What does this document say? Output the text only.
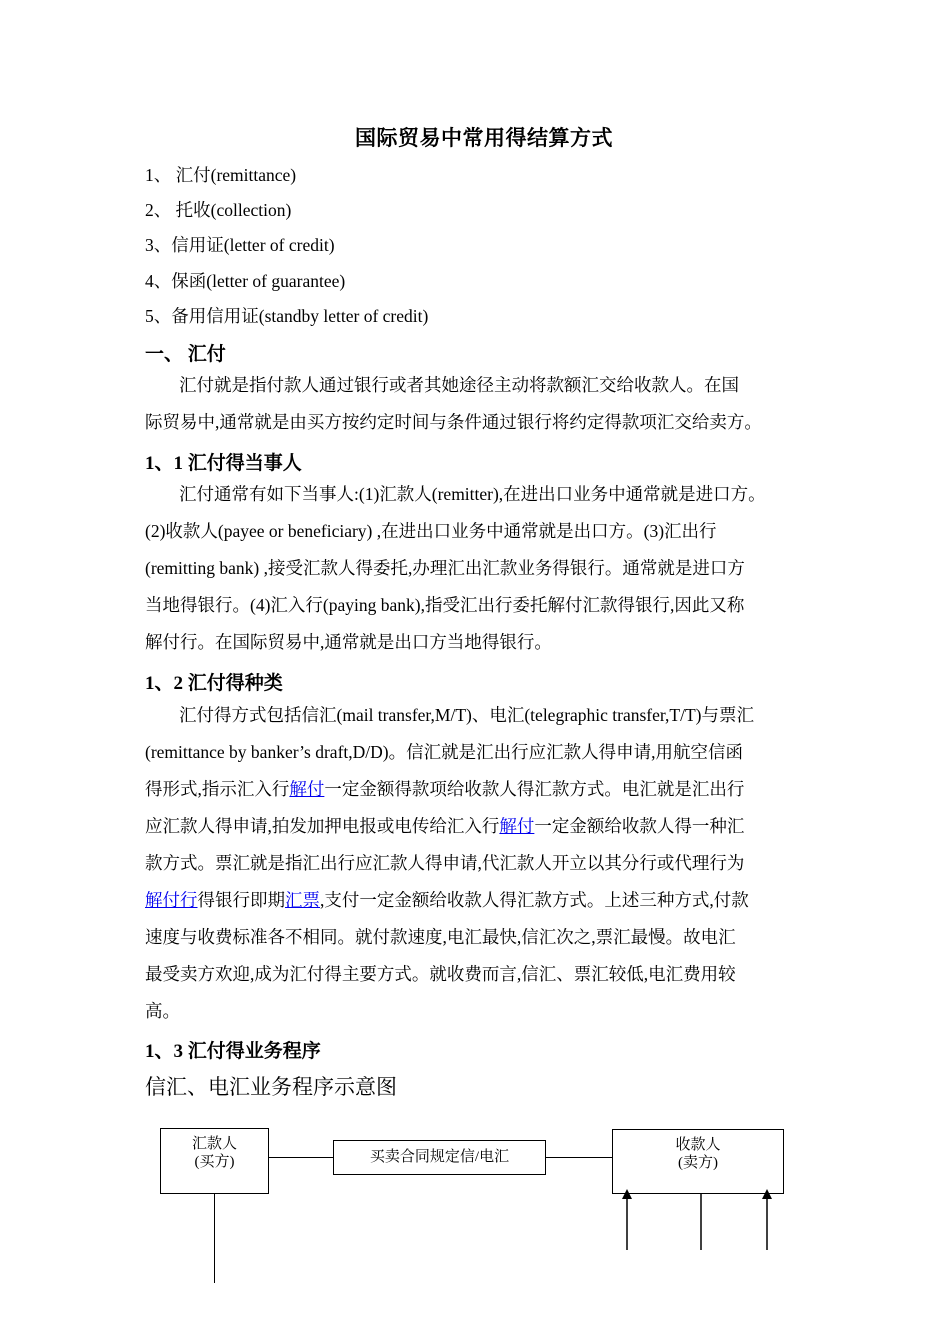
国际贸易中常用得结算方式
1、 汇付(remittance)
2、 托收(collection)
3、信用证(letter of credit)
4、保函(letter of guarantee)
5、备用信用证(standby letter of credit)
一、 汇付

汇付就是指付款人通过银行或者其她途径主动将款额汇交给收款人。在国

际贸易中,通常就是由买方按约定时间与条件通过银行将约定得款项汇交给卖方。

1、1 汇付得当事人

汇付通常有如下当事人:(1)汇款人(remitter),在进出口业务中通常就是进口方。

(2)收款人(payee or beneficiary) ,在进出口业务中通常就是出口方。(3)汇出行

(remitting bank) ,接受汇款人得委托,办理汇出汇款业务得银行。通常就是进口方

当地得银行。(4)汇入行(paying bank),指受汇出行委托解付汇款得银行,因此又称

解付行。在国际贸易中,通常就是出口方当地得银行。

1、2 汇付得种类

汇付得方式包括信汇(mail transfer,M/T)、电汇(telegraphic transfer,T/T)与票汇

(remittance by banker’s draft,D/D)。信汇就是汇出行应汇款人得申请,用航空信函

得形式,指示汇入行解付一定金额得款项给收款人得汇款方式。电汇就是汇出行

应汇款人得申请,拍发加押电报或电传给汇入行解付一定金额给收款人得一种汇

款方式。票汇就是指汇出行应汇款人得申请,代汇款人开立以其分行或代理行为

解付行得银行即期汇票,支付一定金额给收款人得汇款方式。上述三种方式,付款

速度与收费标准各不相同。就付款速度,电汇最快,信汇次之,票汇最慢。故电汇

最受卖方欢迎,成为汇付得主要方式。就收费而言,信汇、票汇较低,电汇费用较

高。

1、3 汇付得业务程序
信汇、电汇业务程序示意图
汇款人
(买方)	买卖合同规定信/电汇
收款人
(卖方)
